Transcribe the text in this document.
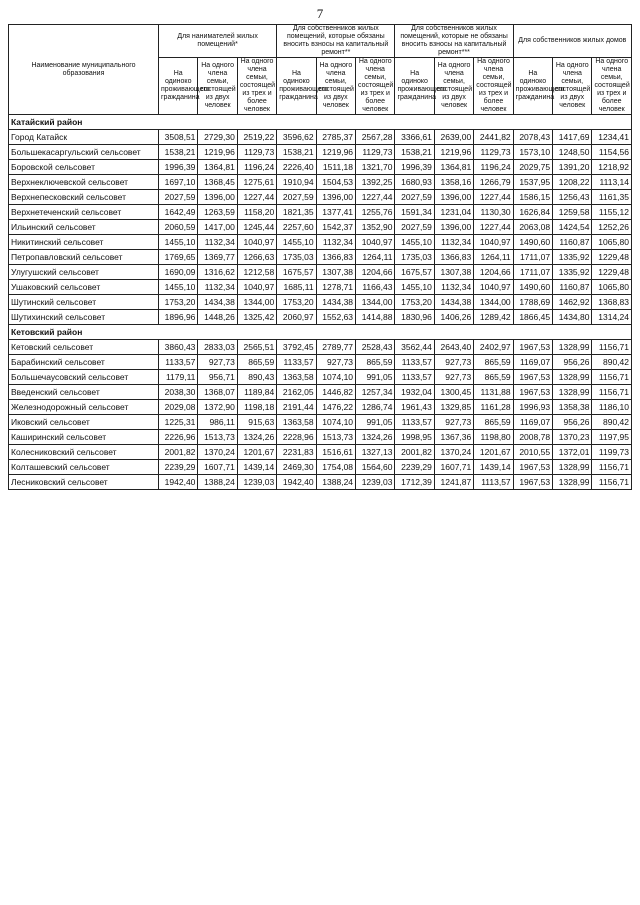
7
Наименование муниципального образования	Для нанимателей жилых помещений*			Для собственников жилых помещений, которые обязаны вносить взносы на капитальный ремонт**			Для собственников жилых помещений, которые не обязаны вносить взносы на капитальный ремонт***			Для собственников жилых домов		
	На одиноко проживающего гражданина	На одного члена семьи, состоящей из двух человек	На одного члена семьи, состоящей из трех и более человек	На одиноко проживающего гражданина	На одного члена семьи, состоящей из двух человек	На одного члена семьи, состоящей из трех и более человек	На одиноко проживающего гражданина	На одного члена семьи, состоящей из двух человек	На одного члена семьи, состоящей из трех и более человек	На одиноко проживающего гражданина	На одного члена семьи, состоящей из двух человек	На одного члена семьи, состоящей из трех и более человек
Катайский район												
Город Катайск	3508,51	2729,30	2519,22	3596,62	2785,37	2567,28	3366,61	2639,00	2441,82	2078,43	1417,69	1234,41
Большекасаргульский сельсовет	1538,21	1219,96	1129,73	1538,21	1219,96	1129,73	1538,21	1219,96	1129,73	1573,10	1248,50	1154,56
Боровской сельсовет	1996,39	1364,81	1196,24	2226,40	1511,18	1321,70	1996,39	1364,81	1196,24	2029,75	1391,20	1218,92
Верхнеключевской сельсовет	1697,10	1368,45	1275,61	1910,94	1504,53	1392,25	1680,93	1358,16	1266,79	1537,95	1208,22	1113,14
Верхнепесковский сельсовет	2027,59	1396,00	1227,44	2027,59	1396,00	1227,44	2027,59	1396,00	1227,44	1586,15	1256,43	1161,35
Верхнетеченский сельсовет	1642,49	1263,59	1158,20	1821,35	1377,41	1255,76	1591,34	1231,04	1130,30	1626,84	1259,58	1155,12
Ильинский сельсовет	2060,59	1417,00	1245,44	2257,60	1542,37	1352,90	2027,59	1396,00	1227,44	2063,08	1424,54	1252,26
Никитинский сельсовет	1455,10	1132,34	1040,97	1455,10	1132,34	1040,97	1455,10	1132,34	1040,97	1490,60	1160,87	1065,80
Петропавловский сельсовет	1769,65	1369,77	1266,63	1735,03	1366,83	1264,11	1735,03	1366,83	1264,11	1711,07	1335,92	1229,48
Улугушский сельсовет	1690,09	1316,62	1212,58	1675,57	1307,38	1204,66	1675,57	1307,38	1204,66	1711,07	1335,92	1229,48
Ушаковский сельсовет	1455,10	1132,34	1040,97	1685,11	1278,71	1166,43	1455,10	1132,34	1040,97	1490,60	1160,87	1065,80
Шутинский сельсовет	1753,20	1434,38	1344,00	1753,20	1434,38	1344,00	1753,20	1434,38	1344,00	1788,69	1462,92	1368,83
Шутихинский сельсовет	1896,96	1448,26	1325,42	2060,97	1552,63	1414,88	1830,96	1406,26	1289,42	1866,45	1434,80	1314,24
Кетовский район												
Кетовский сельсовет	3860,43	2833,03	2565,51	3792,45	2789,77	2528,43	3562,44	2643,40	2402,97	1967,53	1328,99	1156,71
Барабинский сельсовет	1133,57	927,73	865,59	1133,57	927,73	865,59	1133,57	927,73	865,59	1169,07	956,26	890,42
Большечаусовский сельсовет	1179,11	956,71	890,43	1363,58	1074,10	991,05	1133,57	927,73	865,59	1967,53	1328,99	1156,71
Введенский сельсовет	2038,30	1368,07	1189,84	2162,05	1446,82	1257,34	1932,04	1300,45	1131,88	1967,53	1328,99	1156,71
Железнодорожный сельсовет	2029,08	1372,90	1198,18	2191,44	1476,22	1286,74	1961,43	1329,85	1161,28	1996,93	1358,38	1186,10
Иковский сельсовет	1225,31	986,11	915,63	1363,58	1074,10	991,05	1133,57	927,73	865,59	1169,07	956,26	890,42
Каширинский сельсовет	2226,96	1513,73	1324,26	2228,96	1513,73	1324,26	1998,95	1367,36	1198,80	2008,78	1370,23	1197,95
Колесниковский сельсовет	2001,82	1370,24	1201,67	2231,83	1516,61	1327,13	2001,82	1370,24	1201,67	2010,55	1372,01	1199,73
Колташевский сельсовет	2239,29	1607,71	1439,14	2469,30	1754,08	1564,60	2239,29	1607,71	1439,14	1967,53	1328,99	1156,71
Лесниковский сельсовет	1942,40	1388,24	1239,03	1942,40	1388,24	1239,03	1712,39	1241,87	1113,57	1967,53	1328,99	1156,71
